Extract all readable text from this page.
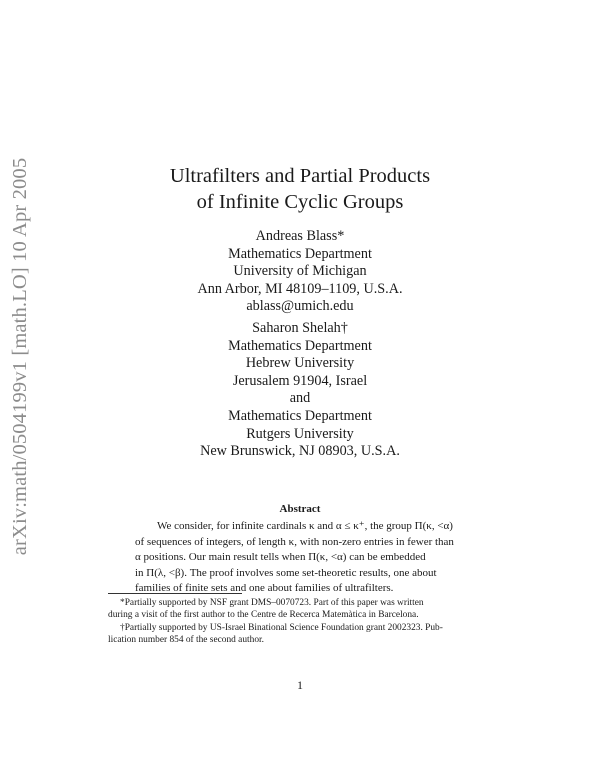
arXiv:math/0504199v1 [math.LO] 10 Apr 2005	Ultrafilters and Partial Products
of Infinite Cyclic Groups
Andreas Blass*
Mathematics Department
University of Michigan
Ann Arbor, MI 48109–1109, U.S.A.
ablass@umich.edu
Saharon Shelah†
Mathematics Department
Hebrew University
Jerusalem 91904, Israel
and
Mathematics Department
Rutgers University
New Brunswick, NJ 08903, U.S.A.
Abstract
We consider, for infinite cardinals κ and α ≤ κ⁺, the group Π(κ, <α)
of sequences of integers, of length κ, with non-zero entries in fewer than
α positions. Our main result tells when Π(κ, <α) can be embedded
in Π(λ, <β). The proof involves some set-theoretic results, one about
families of finite sets and one about families of ultrafilters.
*Partially supported by NSF grant DMS–0070723. Part of this paper was written
during a visit of the first author to the Centre de Recerca Matemàtica in Barcelona.
†Partially supported by US-Israel Binational Science Foundation grant 2002323. Pub-
lication number 854 of the second author.
1
